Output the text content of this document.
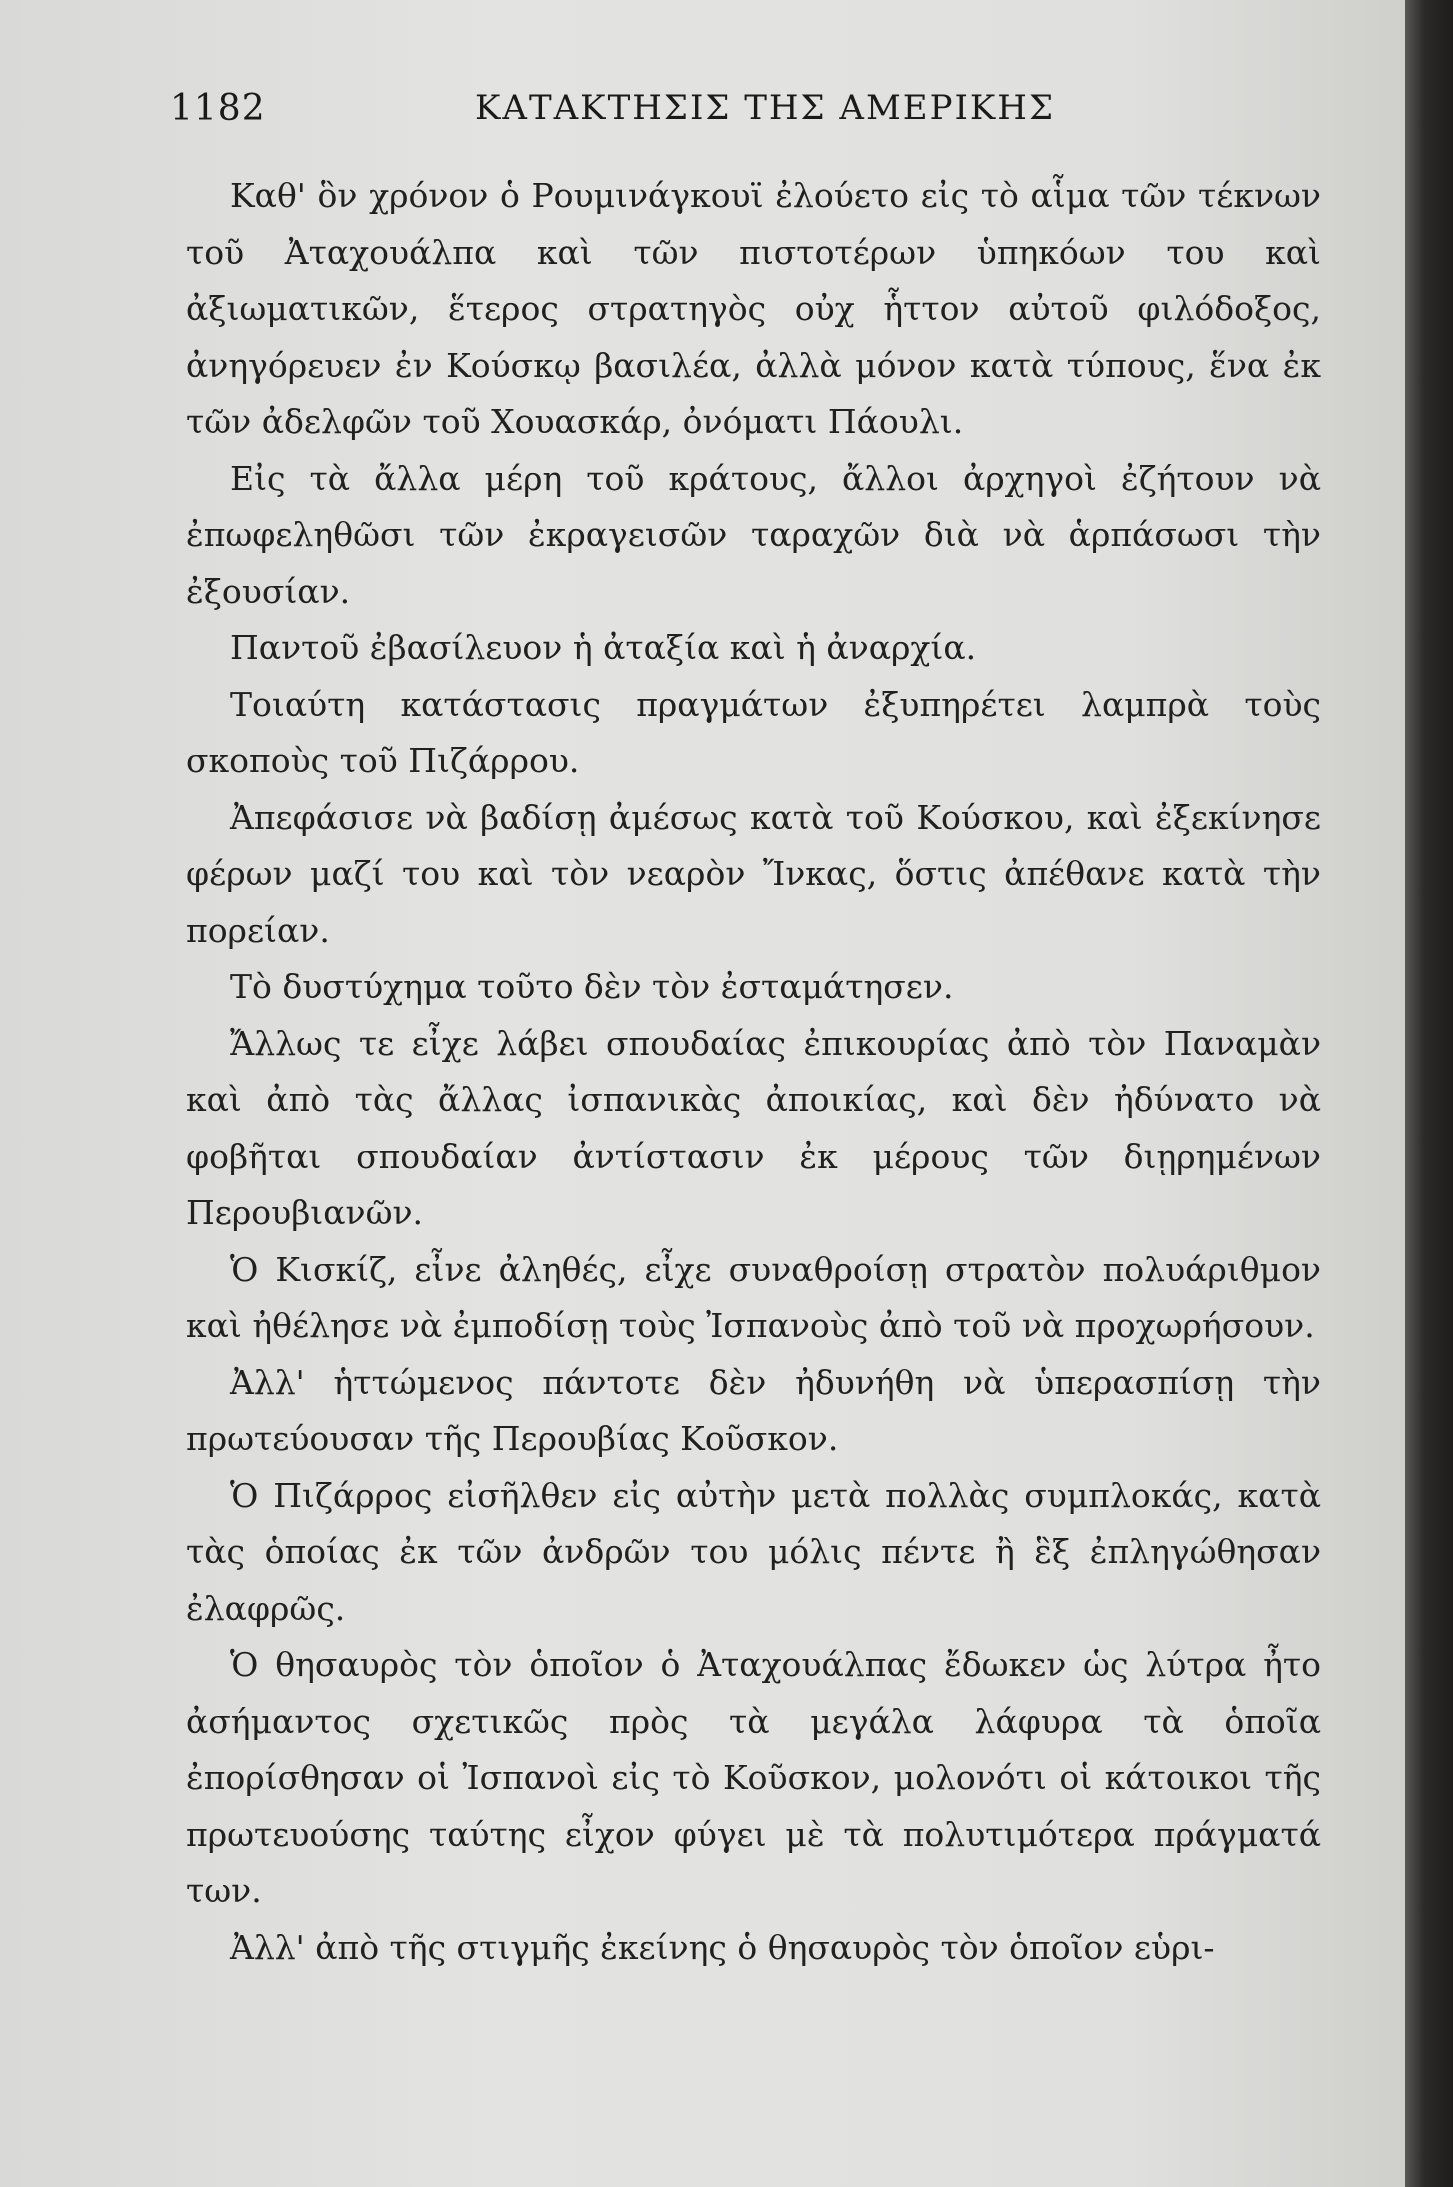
1182	ΚΑΤΑΚΤΗΣΙΣ ΤΗΣ ΑΜΕΡΙΚΗΣ

Καθ' ὃν χρόνον ὁ Ρουμινάγκουϊ ἐλούετο εἰς τὸ αἷμα τῶν τέκνων τοῦ Ἀταχουάλπα καὶ τῶν πιστοτέρων ὑπηκόων του καὶ ἀξιωματικῶν, ἕτερος στρατηγὸς οὐχ ἧττον αὐτοῦ φιλόδοξος, ἀνηγόρευεν ἐν Κούσκῳ βασιλέα, ἀλλὰ μόνον κατὰ τύπους, ἕνα ἐκ τῶν ἀδελφῶν τοῦ Χουασκάρ, ὀνόματι Πάουλι.

Εἰς τὰ ἄλλα μέρη τοῦ κράτους, ἄλλοι ἀρχηγοὶ ἐζήτουν νὰ ἐπωφεληθῶσι τῶν ἐκραγεισῶν ταραχῶν διὰ νὰ ἁρπάσωσι τὴν ἐξουσίαν.

Παντοῦ ἐβασίλευον ἡ ἀταξία καὶ ἡ ἀναρχία.

Τοιαύτη κατάστασις πραγμάτων ἐξυπηρέτει λαμπρὰ τοὺς σκοποὺς τοῦ Πιζάρρου.

Ἀπεφάσισε νὰ βαδίσῃ ἀμέσως κατὰ τοῦ Κούσκου, καὶ ἐξεκίνησε φέρων μαζί του καὶ τὸν νεαρὸν Ἴνκας, ὅστις ἀπέθανε κατὰ τὴν πορείαν.

Τὸ δυστύχημα τοῦτο δὲν τὸν ἐσταμάτησεν.

Ἄλλως τε εἶχε λάβει σπουδαίας ἐπικουρίας ἀπὸ τὸν Παναμὰν καὶ ἀπὸ τὰς ἄλλας ἰσπανικὰς ἀποικίας, καὶ δὲν ἠδύνατο νὰ φοβῆται σπουδαίαν ἀντίστασιν ἐκ μέρους τῶν διῃρημένων Περουβιανῶν.

Ὁ Κισκίζ, εἶνε ἀληθές, εἶχε συναθροίσῃ στρατὸν πολυάριθμον καὶ ἠθέλησε νὰ ἐμποδίσῃ τοὺς Ἰσπανοὺς ἀπὸ τοῦ νὰ προχωρήσουν.

Ἀλλ' ἡττώμενος πάντοτε δὲν ἠδυνήθη νὰ ὑπερασπίσῃ τὴν πρωτεύουσαν τῆς Περουβίας Κοῦσκον.

Ὁ Πιζάρρος εἰσῆλθεν εἰς αὐτὴν μετὰ πολλὰς συμπλοκάς, κατὰ τὰς ὁποίας ἐκ τῶν ἀνδρῶν του μόλις πέντε ἢ ἓξ ἐπληγώθησαν ἐλαφρῶς.

Ὁ θησαυρὸς τὸν ὁποῖον ὁ Ἀταχουάλπας ἔδωκεν ὡς λύτρα ἦτο ἀσήμαντος σχετικῶς πρὸς τὰ μεγάλα λάφυρα τὰ ὁποῖα ἐπορίσθησαν οἱ Ἰσπανοὶ εἰς τὸ Κοῦσκον, μολονότι οἱ κάτοικοι τῆς πρωτευούσης ταύτης εἶχον φύγει μὲ τὰ πολυτιμότερα πράγματά των.

Ἀλλ' ἀπὸ τῆς στιγμῆς ἐκείνης ὁ θησαυρὸς τὸν ὁποῖον εὑρι-
